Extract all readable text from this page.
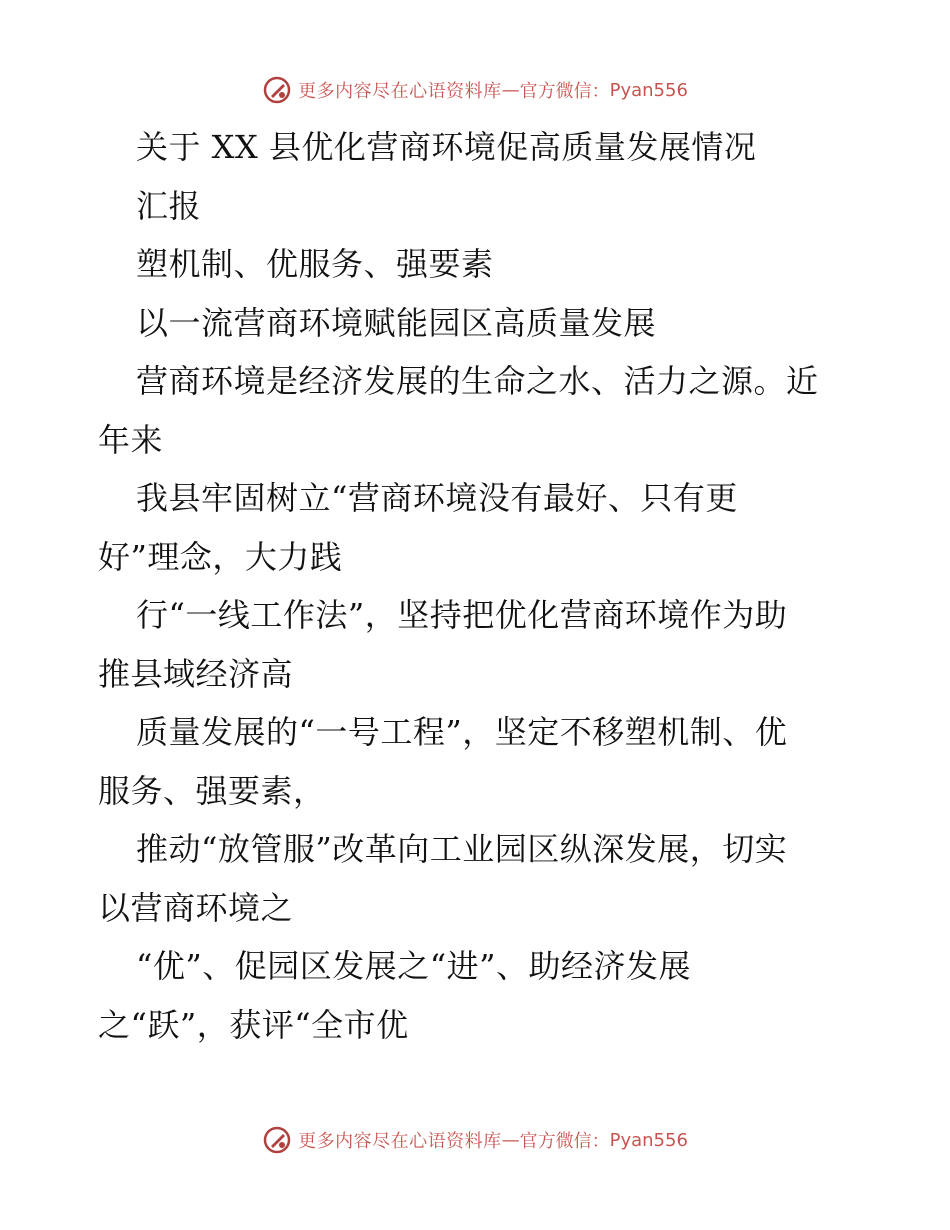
更多内容尽在心语资料库 — 官方微信： Pyan556
关于 XX 县优化营商环境促高质量发展情况
汇报
塑机制、优服务、强要素
以一流营商环境赋能园区高质量发展
营商环境是经济发展的生命之水、活力之源。近
年来
我县牢固树立“营商环境没有最好、只有更
好”理念，大力践
行“一线工作法”，坚持把优化营商环境作为助
推县域经济高
质量发展的“一号工程”，坚定不移塑机制、优
服务、强要素，
推动“放管服”改革向工业园区纵深发展，切实
以营商环境之
“优”、促园区发展之“进”、助经济发展
之“跃”，获评“全市优
更多内容尽在心语资料库 — 官方微信： Pyan556
